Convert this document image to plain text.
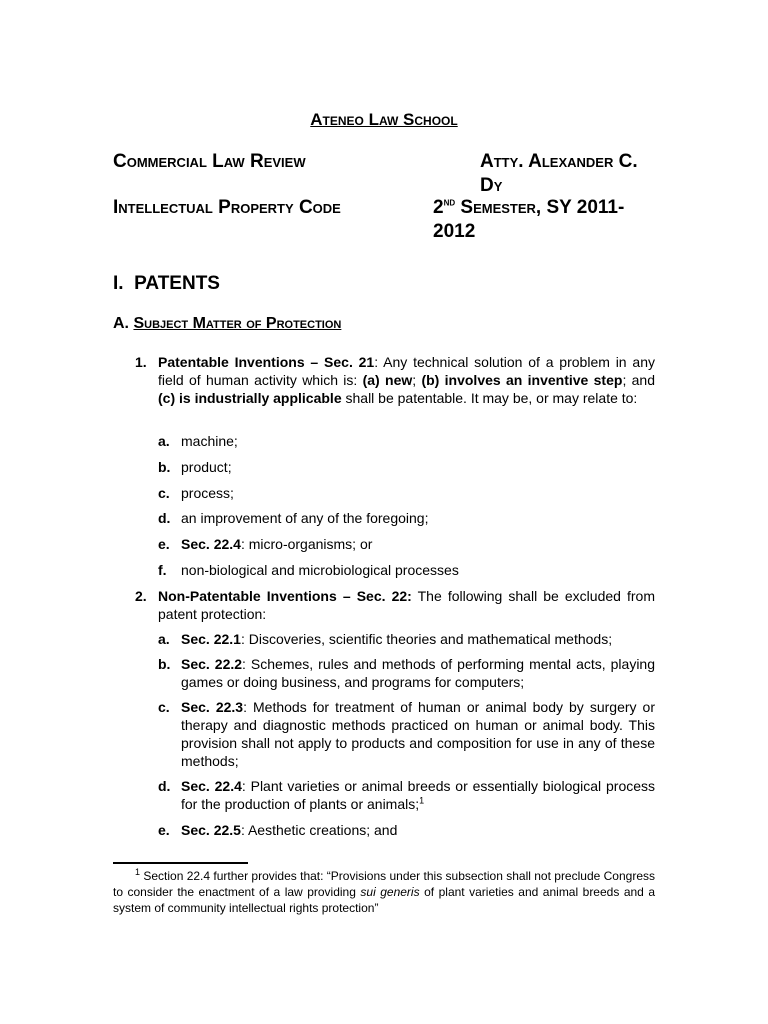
Ateneo Law School
Commercial Law Review	Atty. Alexander C. Dy
Intellectual Property Code	2ND Semester, SY 2011-2012
I. PATENTS
A. Subject Matter of Protection
1. Patentable Inventions – Sec. 21: Any technical solution of a problem in any field of human activity which is: (a) new; (b) involves an inventive step; and (c) is industrially applicable shall be patentable. It may be, or may relate to:
a. machine;
b. product;
c. process;
d. an improvement of any of the foregoing;
e. Sec. 22.4: micro-organisms; or
f. non-biological and microbiological processes
2. Non-Patentable Inventions – Sec. 22: The following shall be excluded from patent protection:
a. Sec. 22.1: Discoveries, scientific theories and mathematical methods;
b. Sec. 22.2: Schemes, rules and methods of performing mental acts, playing games or doing business, and programs for computers;
c. Sec. 22.3: Methods for treatment of human or animal body by surgery or therapy and diagnostic methods practiced on human or animal body. This provision shall not apply to products and composition for use in any of these methods;
d. Sec. 22.4: Plant varieties or animal breeds or essentially biological process for the production of plants or animals;$^1$
e. Sec. 22.5: Aesthetic creations; and
$^1$ Section 22.4 further provides that: “Provisions under this subsection shall not preclude Congress to consider the enactment of a law providing sui generis of plant varieties and animal breeds and a system of community intellectual rights protection”
